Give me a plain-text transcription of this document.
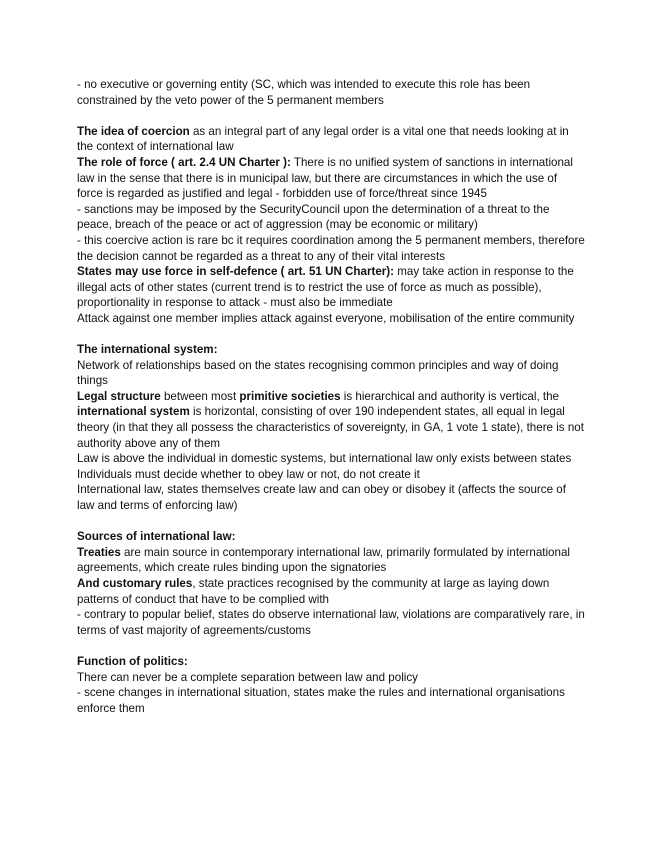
- no executive or governing entity (SC, which was intended to execute this role has been constrained by the veto power of the 5 permanent members

The idea of coercion as an integral part of any legal order is a vital one that needs looking at in the context of international law

The role of force ( art. 2.4 UN Charter ): There is no unified system of sanctions in international law in the sense that there is in municipal law, but there are circumstances in which the use of force is regarded as justified and legal - forbidden use of force/threat since 1945

- sanctions may be imposed by the SecurityCouncil upon the determination of a threat to the peace, breach of the peace or act of aggression (may be economic or military)

- this coercive action is rare bc it requires coordination among the 5 permanent members, therefore the decision cannot be regarded as a threat to any of their vital interests

States may use force in self-defence ( art. 51 UN Charter): may take action in response to the illegal acts of other states (current trend is to restrict the use of force as much as possible), proportionality in response to attack - must also be immediate

Attack against one member implies attack against everyone, mobilisation of the entire community

The international system:

Network of relationships based on the states recognising common principles and way of doing things

Legal structure between most primitive societies is hierarchical and authority is vertical, the international system is horizontal, consisting of over 190 independent states, all equal in legal theory (in that they all possess the characteristics of sovereignty, in GA, 1 vote 1 state), there is not authority above any of them

Law is above the individual in domestic systems, but international law only exists between states

Individuals must decide whether to obey law or not, do not create it

International law, states themselves create law and can obey or disobey it (affects the source of law and terms of enforcing law)

Sources of international law:

Treaties are main source in contemporary international law, primarily formulated by international agreements, which create rules binding upon the signatories

And customary rules, state practices recognised by the community at large as laying down patterns of conduct that have to be complied with

- contrary to popular belief, states do observe international law, violations are comparatively rare, in terms of vast majority of agreements/customs

Function of politics:

There can never be a complete separation between law and policy

- scene changes in international situation, states make the rules and international organisations enforce them
